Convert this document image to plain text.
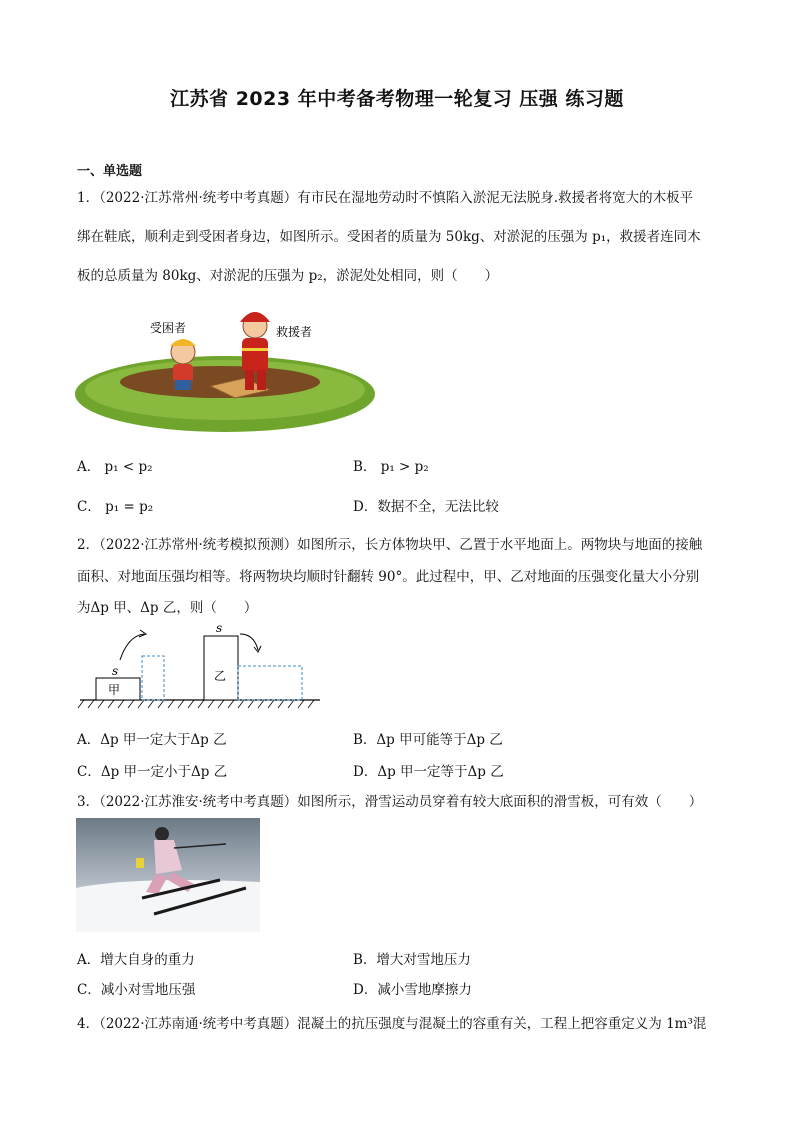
江苏省 2023 年中考备考物理一轮复习 压强 练习题
一、单选题
1．（2022·江苏常州·统考中考真题）有市民在湿地劳动时不慎陷入淤泥无法脱身.救援者将宽大的木板平
绑在鞋底，顺利走到受困者身边，如图所示。受困者的质量为 50kg、对淤泥的压强为 p₁，救援者连同木
板的总质量为 80kg、对淤泥的压强为 p₂，淤泥处处相同，则（　　）
受困者	救援者
A． p₁ < p₂	B． p₁ > p₂
C． p₁ = p₂	D．数据不全，无法比较
2．（2022·江苏常州·统考模拟预测）如图所示，长方体物块甲、乙置于水平地面上。两物块与地面的接触
面积、对地面压强均相等。将两物块均顺时针翻转 90°。此过程中，甲、乙对地面的压强变化量大小分别
为Δp 甲、Δp 乙，则（　　）
s
s
甲
乙
A．Δp 甲一定大于Δp 乙	B．Δp 甲可能等于Δp 乙
C．Δp 甲一定小于Δp 乙	D．Δp 甲一定等于Δp 乙
3．（2022·江苏淮安·统考中考真题）如图所示，滑雪运动员穿着有较大底面积的滑雪板，可有效（　　）
A．增大自身的重力	B．增大对雪地压力
C．减小对雪地压强	D．减小雪地摩擦力
4．（2022·江苏南通·统考中考真题）混凝土的抗压强度与混凝土的容重有关，工程上把容重定义为 1m³混
